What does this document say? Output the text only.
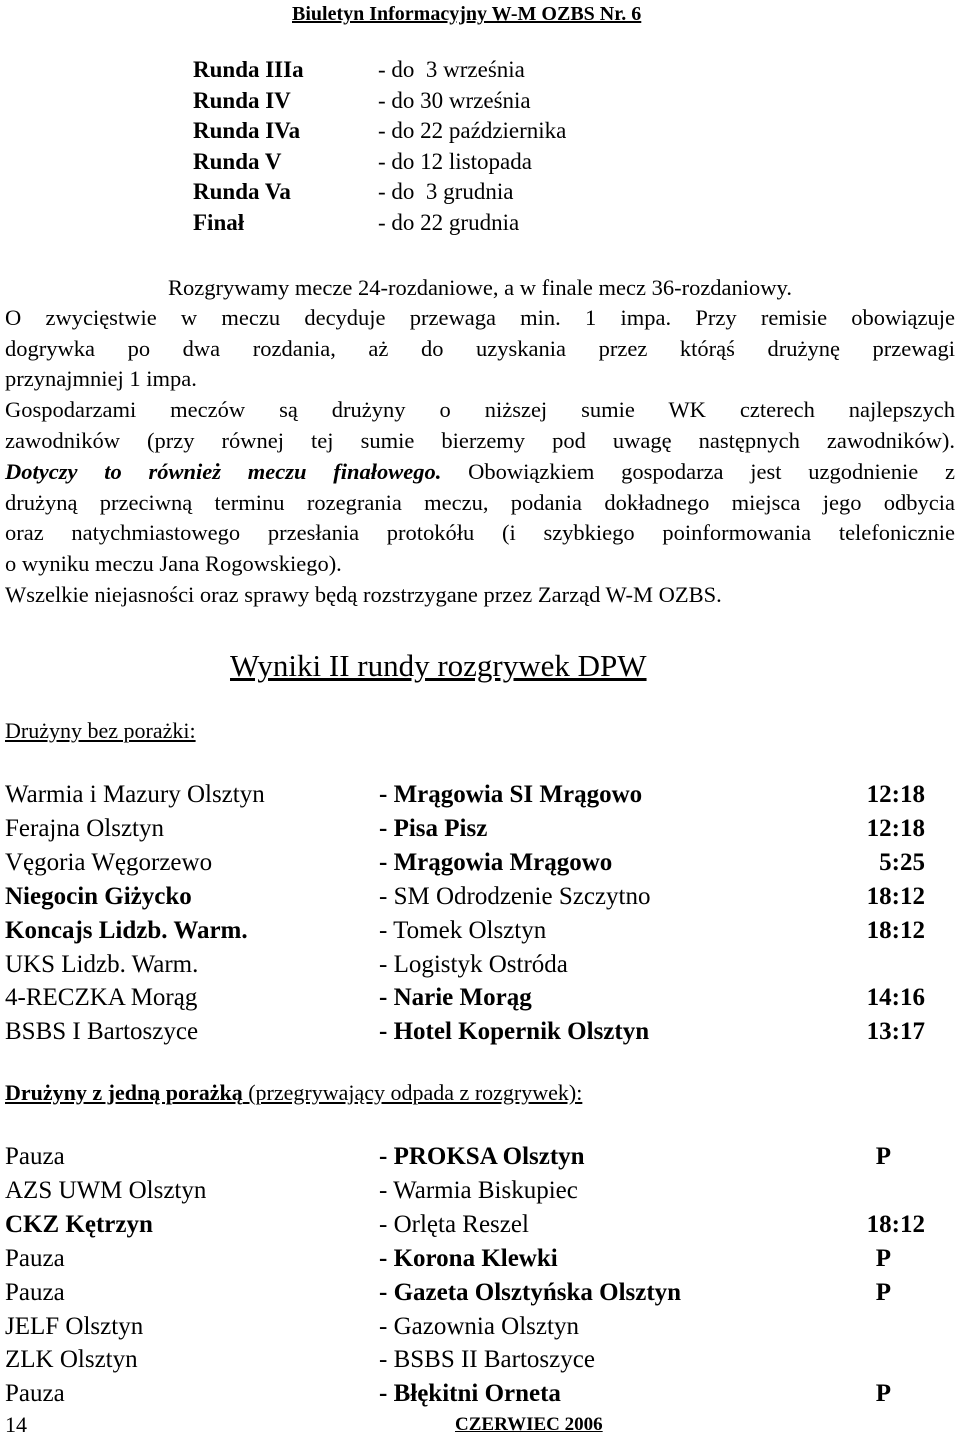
Biuletyn Informacyjny W-M OZBS Nr. 6
Runda IIIa	- do  3 września
Runda IV	- do 30 września
Runda IVa	- do 22 października
Runda V	- do 12 listopada
Runda Va	- do  3 grudnia
Finał	- do 22 grudnia
Rozgrywamy mecze 24-rozdaniowe, a w finale mecz 36-rozdaniowy.
O zwycięstwie w meczu decyduje przewaga min. 1 impa. Przy remisie obowiązuje
dogrywka po dwa rozdania, aż do uzyskania przez którąś drużynę przewagi
przynajmniej 1 impa.
Gospodarzami meczów są drużyny o niższej sumie WK czterech najlepszych
zawodników (przy równej tej sumie bierzemy pod uwagę następnych zawodników).
Dotyczy to również meczu finałowego. Obowiązkiem gospodarza jest uzgodnienie z
drużyną przeciwną terminu rozegrania meczu, podania dokładnego miejsca jego odbycia
oraz natychmiastowego przesłania protokółu (i szybkiego poinformowania telefonicznie
o wyniku meczu Jana Rogowskiego).
Wszelkie niejasności oraz sprawy będą rozstrzygane przez Zarząd W-M OZBS.
Wyniki II rundy rozgrywek DPW
Drużyny bez porażki:
Warmia i Mazury Olsztyn	- Mrągowia SI Mrągowo	12:18
Ferajna Olsztyn	- Pisa Pisz	12:18
Vęgoria Węgorzewo	- Mrągowia Mrągowo	5:25
Niegocin Giżycko	- SM Odrodzenie Szczytno	18:12
Koncajs Lidzb. Warm.	- Tomek Olsztyn	18:12
UKS Lidzb. Warm.	- Logistyk Ostróda
4-RECZKA Morąg	- Narie Morąg	14:16
BSBS I Bartoszyce	- Hotel Kopernik Olsztyn	13:17
Drużyny z jedną porażką (przegrywający odpada z rozgrywek):
Pauza	- PROKSA Olsztyn	P
AZS UWM Olsztyn	- Warmia Biskupiec
CKZ Kętrzyn	- Orlęta Reszel	18:12
Pauza	- Korona Klewki	P
Pauza	- Gazeta Olsztyńska Olsztyn	P
JELF Olsztyn	- Gazownia Olsztyn
ZLK Olsztyn	- BSBS II Bartoszyce
Pauza	- Błękitni Orneta	P
14	CZERWIEC 2006
